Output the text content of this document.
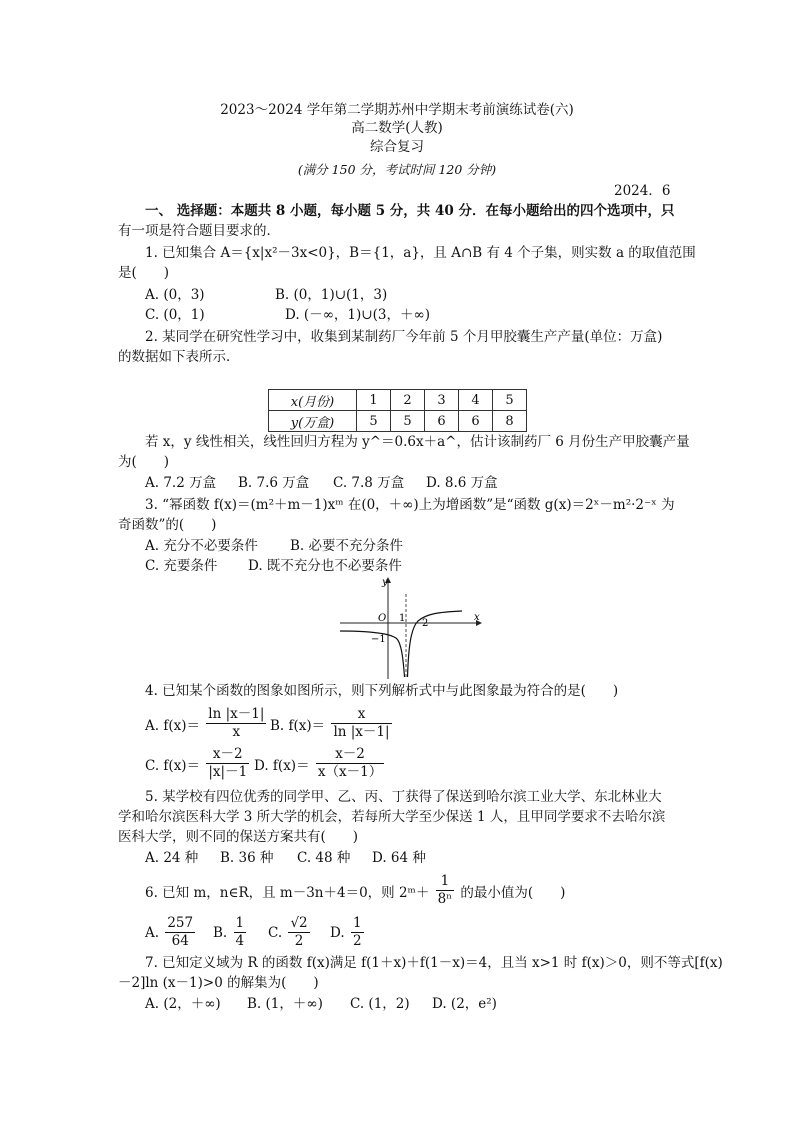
2023～2024 学年第二学期苏州中学期末考前演练试卷(六)
高二数学(人教)
综合复习
(满分 150 分，考试时间 120 分钟)
2024．6
一、 选择题：本题共 8 小题，每小题 5 分，共 40 分．在每小题给出的四个选项中，只
有一项是符合题目要求的．
1. 已知集合 A＝{x|x²－3x<0}，B＝{1，a}，且 A∩B 有 4 个子集，则实数 a 的取值范围
是(　　)
A. (0，3)	B. (0，1)∪(1，3)
C. (0，1)	D. (－∞，1)∪(3，＋∞)
2. 某同学在研究性学习中，收集到某制药厂今年前 5 个月甲胶囊生产产量(单位：万盒)
的数据如下表所示．
x(月份)	1	2	3	4	5
y(万盒)	5	5	6	6	8
若 x，y 线性相关，线性回归方程为 y^＝0.6x＋a^，估计该制药厂 6 月份生产甲胶囊产量
为(　　)
A. 7.2 万盒 B. 7.6 万盒 C. 7.8 万盒 D. 8.6 万盒
3. “幂函数 f(x)＝(m²＋m－1)xᵐ 在(0，＋∞)上为增函数”是“函数 g(x)＝2ˣ－m²·2⁻ˣ 为
奇函数”的(　　)
A. 充分不必要条件 B. 必要不充分条件
C. 充要条件 D. 既不充分也不必要条件
y
x
O 1 2
−1
4. 已知某个函数的图象如图所示，则下列解析式中与此图象最为符合的是(　　)
A. $f(x)= \frac{\ln |x-1|}{x} B$. $f(x)= \frac{x}{\ln |x-1|}$
C. $f(x)= \frac{x-2}{|x|-1} D$. $f(x)= \frac{x-2}{x(x-1)}$
5. 某学校有四位优秀的同学甲、乙、丙、丁获得了保送到哈尔滨工业大学、东北林业大
学和哈尔滨医科大学 3 所大学的机会，若每所大学至少保送 1 人，且甲同学要求不去哈尔滨
医科大学，则不同的保送方案共有(　　)
A. 24 种 B. 36 种 C. 48 种 D. 64 种
6. 已知 m，n∈R，且 m－3n＋4＝0，则 2ᵐ＋ $\frac{1}{\text{8ⁿ}}$ 的最小值为(　　)
A. $\frac{257}{64} B$. $\frac{1}{4} C$. $\frac{√2}{2} D$. $\frac{1}{2}$
7. 已知定义域为 R 的函数 f(x)满足 f(1＋x)＋f(1－x)＝4，且当 x>1 时 f(x)＞0，则不等式[f(x)
－2]ln (x－1)>0 的解集为(　　)
A. (2，＋∞) B. (1，＋∞) C. (1，2) D. (2，e²)
